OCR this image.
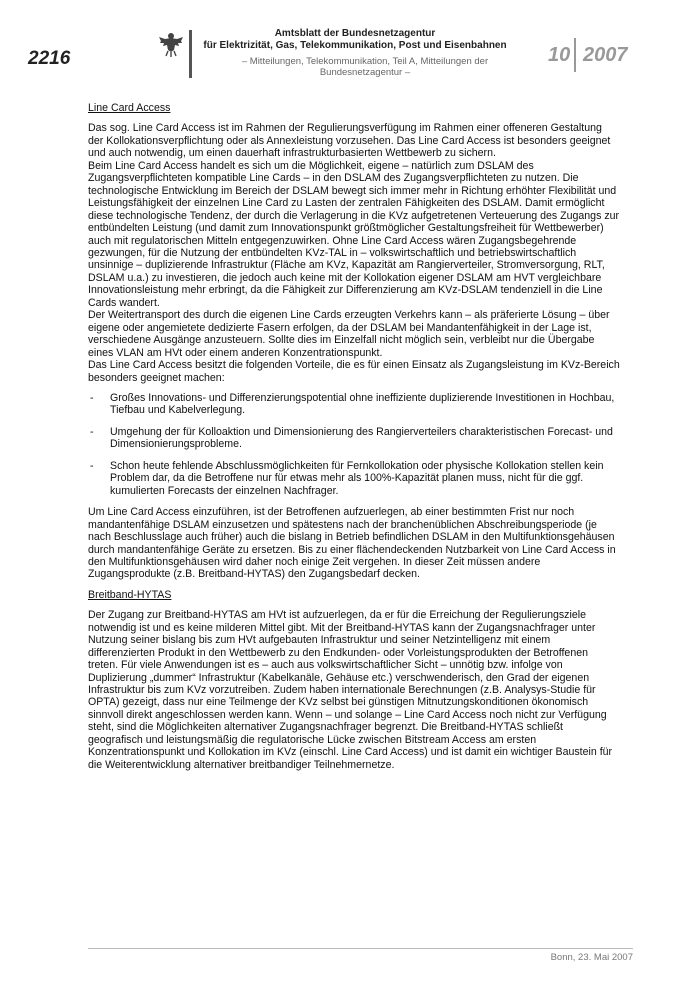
2216
Amtsblatt der Bundesnetzagentur
für Elektrizität, Gas, Telekommunikation, Post und Eisenbahnen
– Mitteilungen, Telekommunikation, Teil A, Mitteilungen der Bundesnetzagentur –
10 2007
Line Card Access

Das sog. Line Card Access ist im Rahmen der Regulierungsverfügung im Rahmen einer offeneren Gestaltung der Kollokationsverpflichtung oder als Annexleistung vorzusehen. Das Line Card Access ist besonders geeignet und auch notwendig, um einen dauerhaft infrastrukturbasierten Wettbewerb zu sichern.

Beim Line Card Access handelt es sich um die Möglichkeit, eigene – natürlich zum DSLAM des Zugangsverpflichteten kompatible Line Cards – in den DSLAM des Zugangsverpflichteten zu nutzen. Die technologische Entwicklung im Bereich der DSLAM bewegt sich immer mehr in Richtung erhöhter Flexibilität und Leistungsfähigkeit der einzelnen Line Card zu Lasten der zentralen Fähigkeiten des DSLAM. Damit ermöglicht diese technologische Tendenz, der durch die Verlagerung in die KVz aufgetretenen Verteuerung des Zugangs zur entbündelten Leistung (und damit zum Innovationspunkt größtmöglicher Gestaltungsfreiheit für Wettbewerber) auch mit regulatorischen Mitteln entgegenzuwirken. Ohne Line Card Access wären Zugangsbegehrende gezwungen, für die Nutzung der entbündelten KVz-TAL in – volkswirtschaftlich und betriebswirtschaftlich unsinnige – duplizierende Infrastruktur (Fläche am KVz, Kapazität am Rangierverteiler, Stromversorgung, RLT, DSLAM u.a.) zu investieren, die jedoch auch keine mit der Kollokation eigener DSLAM am HVT vergleichbare Innovationsleistung mehr erbringt, da die Fähigkeit zur Differenzierung am KVz-DSLAM tendenziell in die Line Cards wandert.

Der Weitertransport des durch die eigenen Line Cards erzeugten Verkehrs kann – als präferierte Lösung – über eigene oder angemietete dedizierte Fasern erfolgen, da der DSLAM bei Mandantenfähigkeit in der Lage ist, verschiedene Ausgänge anzusteuern. Sollte dies im Einzelfall nicht möglich sein, verbleibt nur die Übergabe eines VLAN am HVt oder einem anderen Konzentrationspunkt.

Das Line Card Access besitzt die folgenden Vorteile, die es für einen Einsatz als Zugangsleistung im KVz-Bereich besonders geeignet machen:

- Großes Innovations- und Differenzierungspotential ohne ineffiziente duplizierende Investitionen in Hochbau, Tiefbau und Kabelverlegung.
- Umgehung der für Kolloaktion und Dimensionierung des Rangierverteilers charakteristischen Forecast- und Dimensionierungsprobleme.
- Schon heute fehlende Abschlussmöglichkeiten für Fernkollokation oder physische Kollokation stellen kein Problem dar, da die Betroffene nur für etwas mehr als 100%-Kapazität planen muss, nicht für die ggf. kumulierten Forecasts der einzelnen Nachfrager.

Um Line Card Access einzuführen, ist der Betroffenen aufzuerlegen, ab einer bestimmten Frist nur noch mandantenfähige DSLAM einzusetzen und spätestens nach der branchenüblichen Abschreibungsperiode (je nach Beschlusslage auch früher) auch die bislang in Betrieb befindlichen DSLAM in den Multifunktionsgehäusen durch mandantenfähige Geräte zu ersetzen. Bis zu einer flächendeckenden Nutzbarkeit von Line Card Access in den Multifunktionsgehäusen wird daher noch einige Zeit vergehen. In dieser Zeit müssen andere Zugangsprodukte (z.B. Breitband-HYTAS) den Zugangsbedarf decken.

Breitband-HYTAS

Der Zugang zur Breitband-HYTAS am HVt ist aufzuerlegen, da er für die Erreichung der Regulierungsziele notwendig ist und es keine milderen Mittel gibt. Mit der Breitband-HYTAS kann der Zugangsnachfrager unter Nutzung seiner bislang bis zum HVt aufgebauten Infrastruktur und seiner Netzintelligenz mit einem differenzierten Produkt in den Wettbewerb zu den Endkunden- oder Vorleistungsprodukten der Betroffenen treten. Für viele Anwendungen ist es – auch aus volkswirtschaftlicher Sicht – unnötig bzw. infolge von Duplizierung „dummer“ Infrastruktur (Kabelkanäle, Gehäuse etc.) verschwenderisch, den Grad der eigenen Infrastruktur bis zum KVz vorzutreiben. Zudem haben internationale Berechnungen (z.B. Analysys-Studie für OPTA) gezeigt, dass nur eine Teilmenge der KVz selbst bei günstigen Mitnutzungskonditionen ökonomisch sinnvoll direkt angeschlossen werden kann. Wenn – und solange – Line Card Access noch nicht zur Verfügung steht, sind die Möglichkeiten alternativer Zugangsnachfrager begrenzt. Die Breitband-HYTAS schließt geografisch und leistungsmäßig die regulatorische Lücke zwischen Bitstream Access am ersten Konzentrationspunkt und Kollokation im KVz (einschl. Line Card Access) und ist damit ein wichtiger Baustein für die Weiterentwicklung alternativer breitbandiger Teilnehmernetze.

Bonn, 23. Mai 2007
